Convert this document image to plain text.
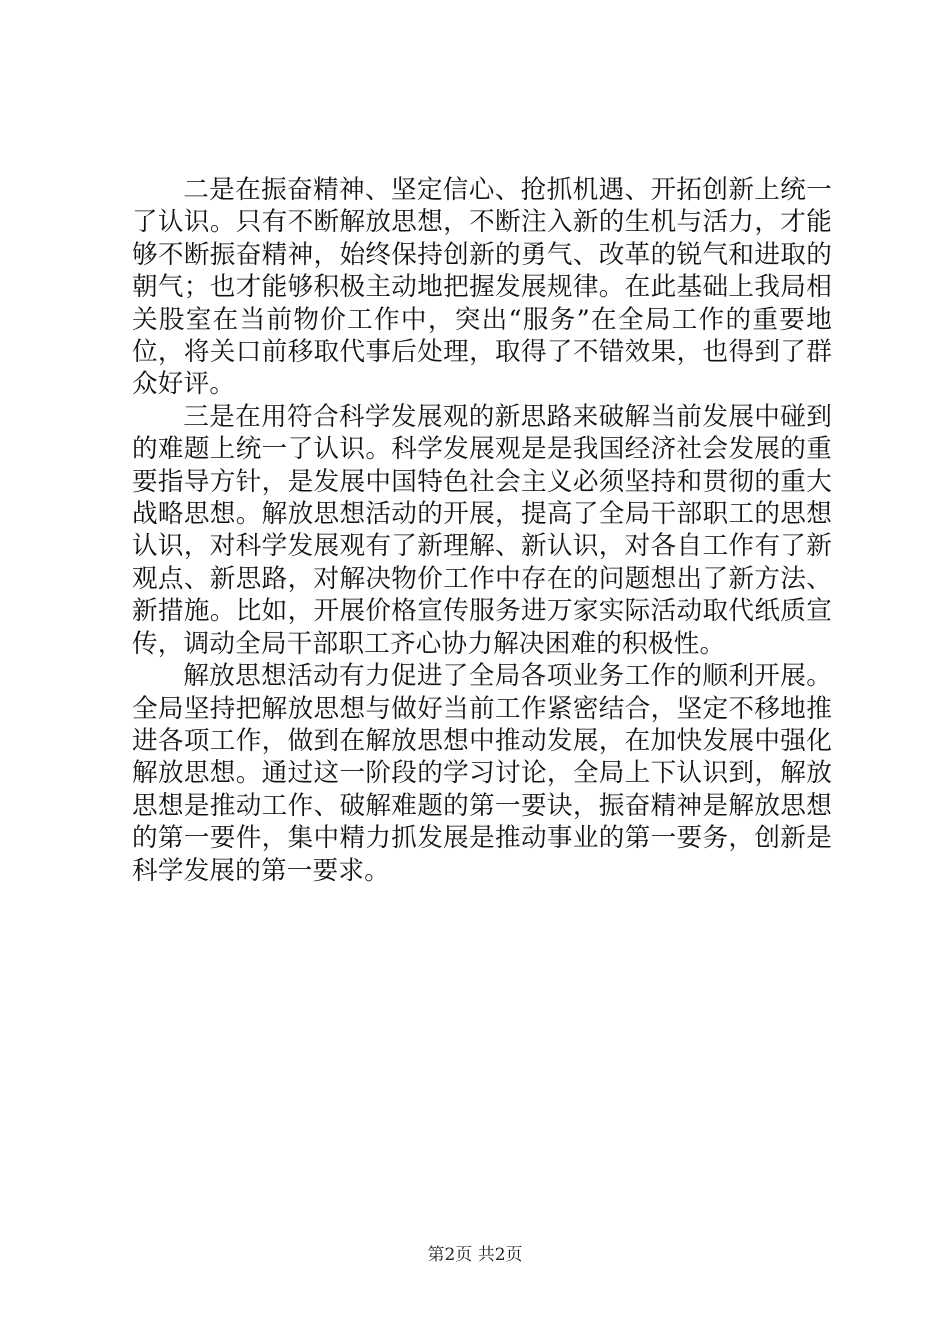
二是在振奋精神、坚定信心、抢抓机遇、开拓创新上统一了认识。只有不断解放思想，不断注入新的生机与活力，才能够不断振奋精神，始终保持创新的勇气、改革的锐气和进取的朝气；也才能够积极主动地把握发展规律。在此基础上我局相关股室在当前物价工作中，突出“服务”在全局工作的重要地位，将关口前移取代事后处理，取得了不错效果，也得到了群众好评。

三是在用符合科学发展观的新思路来破解当前发展中碰到的难题上统一了认识。科学发展观是是我国经济社会发展的重要指导方针，是发展中国特色社会主义必须坚持和贯彻的重大战略思想。解放思想活动的开展，提高了全局干部职工的思想认识，对科学发展观有了新理解、新认识，对各自工作有了新观点、新思路，对解决物价工作中存在的问题想出了新方法、新措施。比如，开展价格宣传服务进万家实际活动取代纸质宣传，调动全局干部职工齐心协力解决困难的积极性。

解放思想活动有力促进了全局各项业务工作的顺利开展。全局坚持把解放思想与做好当前工作紧密结合，坚定不移地推进各项工作，做到在解放思想中推动发展，在加快发展中强化解放思想。通过这一阶段的学习讨论，全局上下认识到，解放思想是推动工作、破解难题的第一要诀，振奋精神是解放思想的第一要件，集中精力抓发展是推动事业的第一要务，创新是科学发展的第一要求。

第2页 共2页
